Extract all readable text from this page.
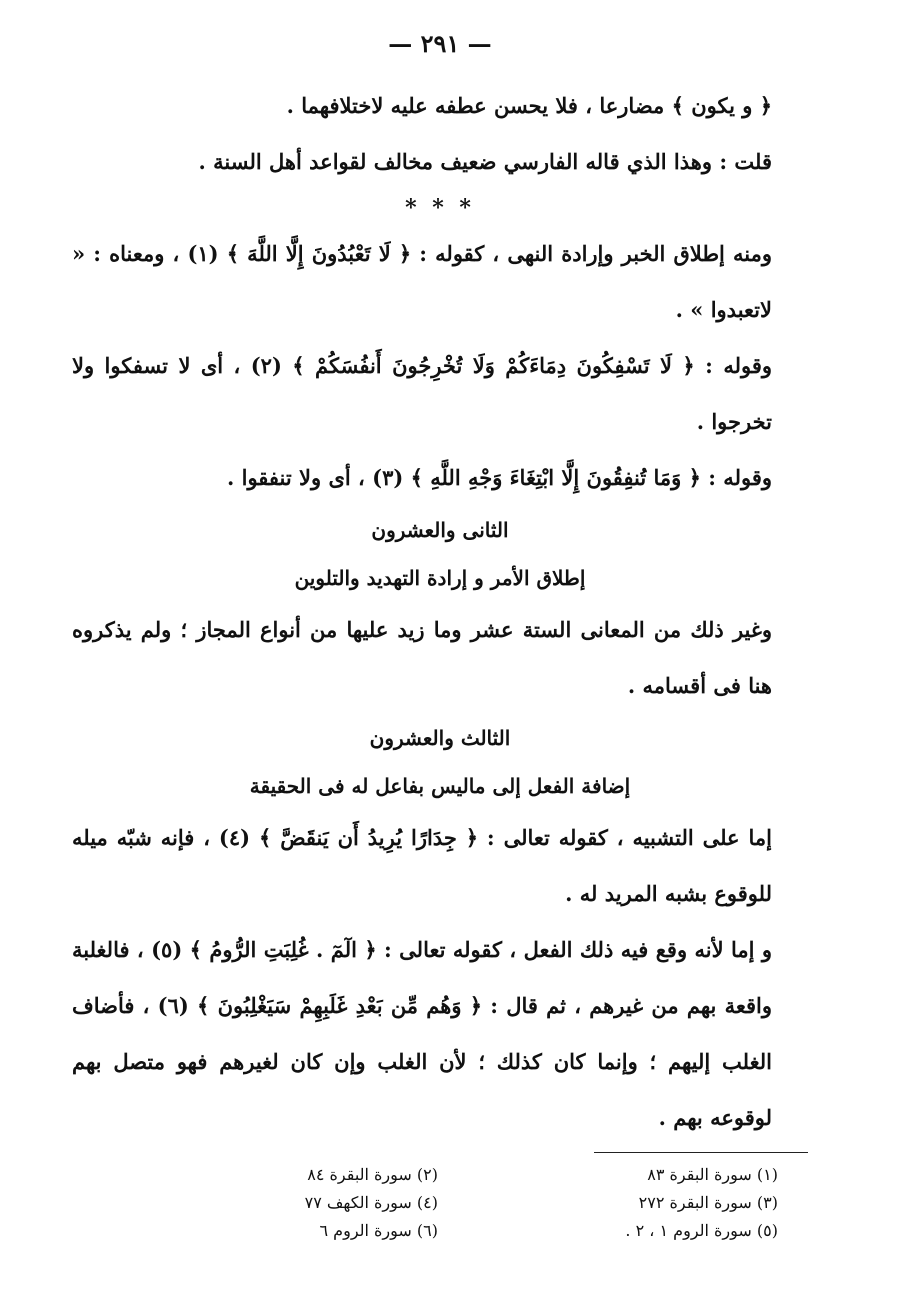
— ٢٩١ —
﴿ و يكون ﴾ مضارعا ، فلا يحسن عطفه عليه لاختلافهما .
قلت : وهذا الذي قاله الفارسي ضعيف مخالف لقواعد أهل السنة .
* * *
ومنه إطلاق الخبر وإرادة النهى ، كقوله : ﴿ لَا تَعْبُدُونَ إِلَّا اللَّهَ ﴾ (١) ، ومعناه : « لاتعبدوا » .
وقوله : ﴿ لَا تَسْفِكُونَ دِمَاءَكُمْ وَلَا تُخْرِجُونَ أَنفُسَكُمْ ﴾ (٢) ، أى لا تسفكوا ولا تخرجوا .
وقوله : ﴿ وَمَا تُنفِقُونَ إِلَّا ابْتِغَاءَ وَجْهِ اللَّهِ ﴾ (٣) ، أى ولا تنفقوا .
الثانى والعشرون
إطلاق الأمر و إرادة التهديد والتلوين
وغير ذلك من المعانى الستة عشر وما زيد عليها من أنواع المجاز ؛ ولم يذكروه هنا فى أقسامه .
الثالث والعشرون
إضافة الفعل إلى ماليس بفاعل له فى الحقيقة
إما على التشبيه ، كقوله تعالى : ﴿ جِدَارًا يُرِيدُ أَن يَنقَضَّ ﴾ (٤) ، فإنه شبّه ميله للوقوع بشبه المريد له .
و إما لأنه وقع فيه ذلك الفعل ، كقوله تعالى : ﴿ الٓمٓ . غُلِبَتِ الرُّومُ ﴾ (٥) ، فالغلبة واقعة بهم من غيرهم ، ثم قال : ﴿ وَهُم مِّن بَعْدِ غَلَبِهِمْ سَيَغْلِبُونَ ﴾ (٦) ، فأضاف الغلب إليهم ؛ وإنما كان كذلك ؛ لأن الغلب وإن كان لغيرهم فهو متصل بهم لوقوعه بهم .
(١) سورة البقرة ٨٣
(٢) سورة البقرة ٨٤
(٣) سورة البقرة ٢٧٢
(٤) سورة الكهف ٧٧
(٥) سورة الروم ١ ، ٢ .
(٦) سورة الروم ٦
